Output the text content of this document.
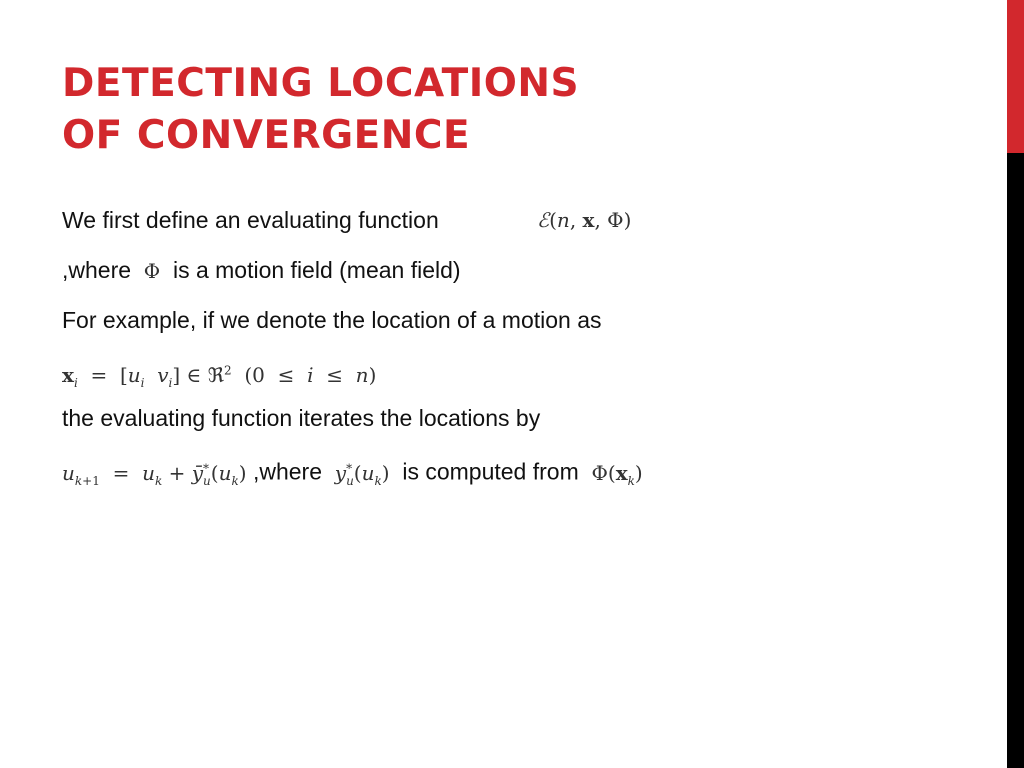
DETECTING LOCATIONS
OF CONVERGENCE
We first define an evaluating function	ℰ(n, x, Φ)
,where  Φ  is a motion field (mean field)
For example, if we denote the location of a motion as
$x_i = [u_i$ $v_i$] ∈ ℜ$^2$  (0  ≤  i  ≤  n)
the evaluating function iterates the locations by
$u_{k+1} = u_k$ + $ȳ^*_u(u_k)$ ,where $y^*_u(u_k)$  is computed from  $\Phi(x_k)$
